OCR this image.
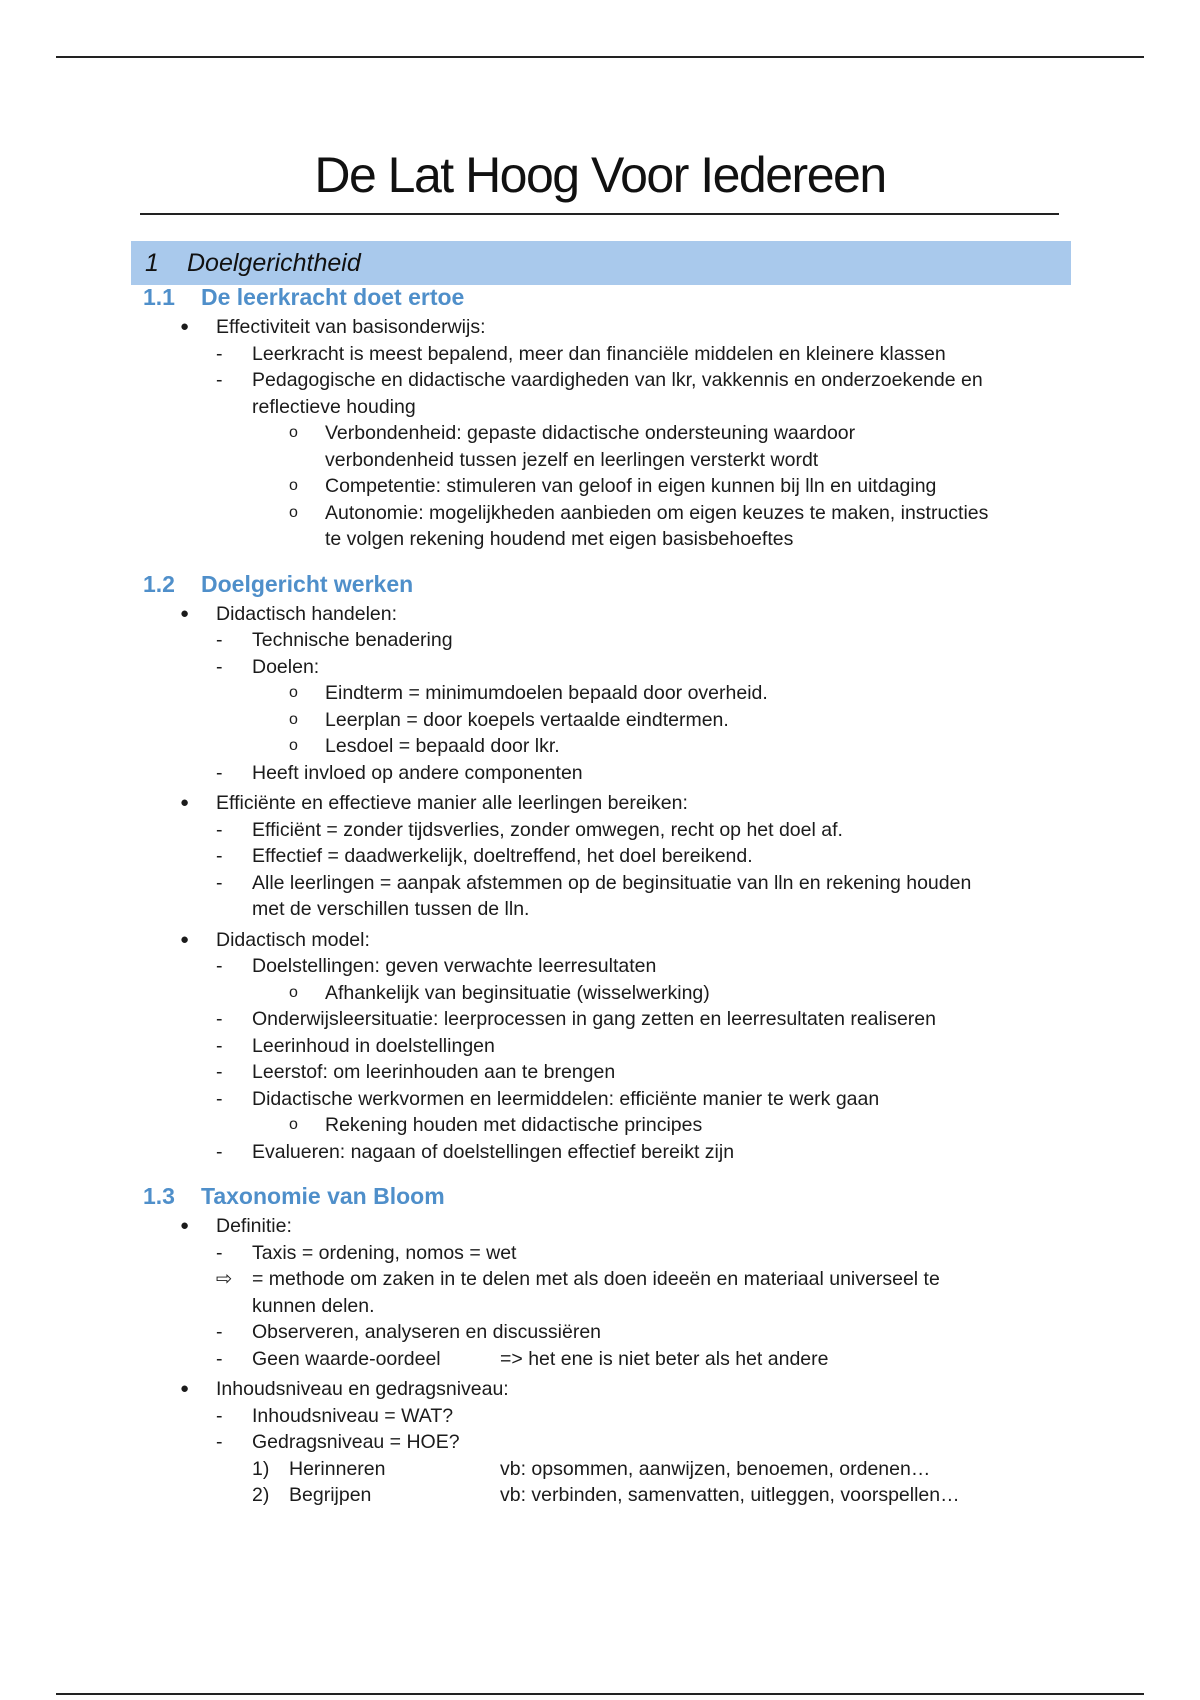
De Lat Hoog Voor Iedereen
1	Doelgerichtheid
1.1 De leerkracht doet ertoe
● Effectiviteit van basisonderwijs:
- Leerkracht is meest bepalend, meer dan financiële middelen en kleinere klassen
- Pedagogische en didactische vaardigheden van lkr, vakkennis en onderzoekende en
reflectieve houding
o Verbondenheid: gepaste didactische ondersteuning waardoor
verbondenheid tussen jezelf en leerlingen versterkt wordt
o Competentie: stimuleren van geloof in eigen kunnen bij lln en uitdaging
o Autonomie: mogelijkheden aanbieden om eigen keuzes te maken, instructies
te volgen rekening houdend met eigen basisbehoeftes
1.2 Doelgericht werken
● Didactisch handelen:
- Technische benadering
- Doelen:
o Eindterm = minimumdoelen bepaald door overheid.
o Leerplan = door koepels vertaalde eindtermen.
o Lesdoel = bepaald door lkr.
- Heeft invloed op andere componenten
● Efficiënte en effectieve manier alle leerlingen bereiken:
- Efficiënt = zonder tijdsverlies, zonder omwegen, recht op het doel af.
- Effectief = daadwerkelijk, doeltreffend, het doel bereikend.
- Alle leerlingen = aanpak afstemmen op de beginsituatie van lln en rekening houden
met de verschillen tussen de lln.
● Didactisch model:
- Doelstellingen: geven verwachte leerresultaten
o Afhankelijk van beginsituatie (wisselwerking)
- Onderwijsleersituatie: leerprocessen in gang zetten en leerresultaten realiseren
- Leerinhoud in doelstellingen
- Leerstof: om leerinhouden aan te brengen
- Didactische werkvormen en leermiddelen: efficiënte manier te werk gaan
o Rekening houden met didactische principes
- Evalueren: nagaan of doelstellingen effectief bereikt zijn
1.3 Taxonomie van Bloom
● Definitie:
- Taxis = ordening, nomos = wet
⇨ = methode om zaken in te delen met als doen ideeën en materiaal universeel te
kunnen delen.
- Observeren, analyseren en discussiëren
- Geen waarde-oordeel	=> het ene is niet beter als het andere
● Inhoudsniveau en gedragsniveau:
- Inhoudsniveau = WAT?
- Gedragsniveau = HOE?
1) Herinneren	vb: opsommen, aanwijzen, benoemen, ordenen…
2) Begrijpen	vb: verbinden, samenvatten, uitleggen, voorspellen…
